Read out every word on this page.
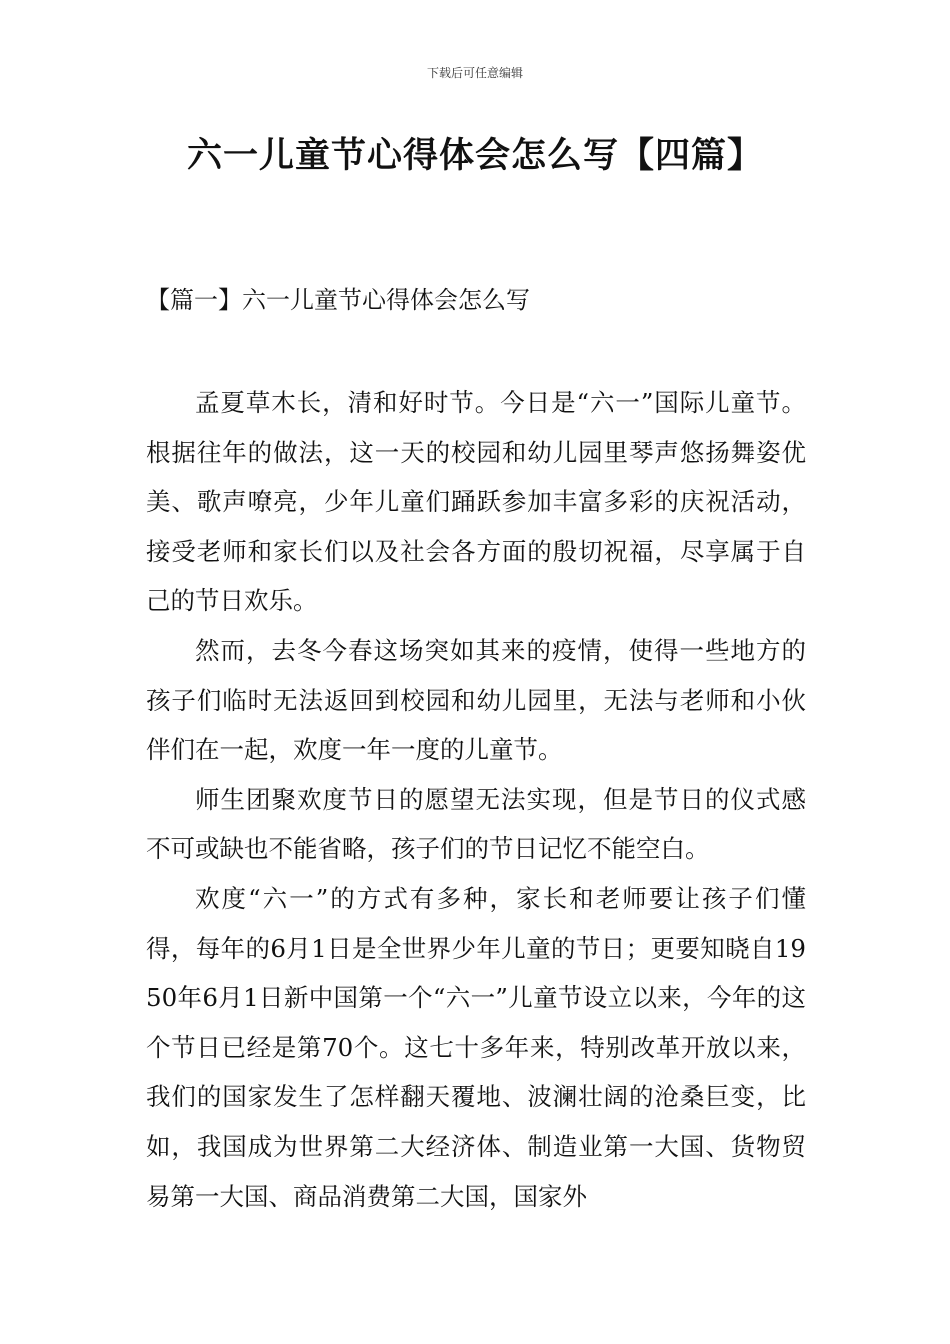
下载后可任意编辑
六一儿童节心得体会怎么写【四篇】
【篇一】六一儿童节心得体会怎么写

孟夏草木长，清和好时节。今日是“六一”国际儿童节。根据往年的做法，这一天的校园和幼儿园里琴声悠扬舞姿优美、歌声嘹亮，少年儿童们踊跃参加丰富多彩的庆祝活动，接受老师和家长们以及社会各方面的殷切祝福，尽享属于自己的节日欢乐。

然而，去冬今春这场突如其来的疫情，使得一些地方的孩子们临时无法返回到校园和幼儿园里，无法与老师和小伙伴们在一起，欢度一年一度的儿童节。

师生团聚欢度节日的愿望无法实现，但是节日的仪式感不可或缺也不能省略，孩子们的节日记忆不能空白。

欢度“六一”的方式有多种，家长和老师要让孩子们懂得，每年的6月1日是全世界少年儿童的节日；更要知晓自1950年6月1日新中国第一个“六一”儿童节设立以来，今年的这个节日已经是第70个。这七十多年来，特别改革开放以来，我们的国家发生了怎样翻天覆地、波澜壮阔的沧桑巨变，比如，我国成为世界第二大经济体、制造业第一大国、货物贸易第一大国、商品消费第二大国，国家外
